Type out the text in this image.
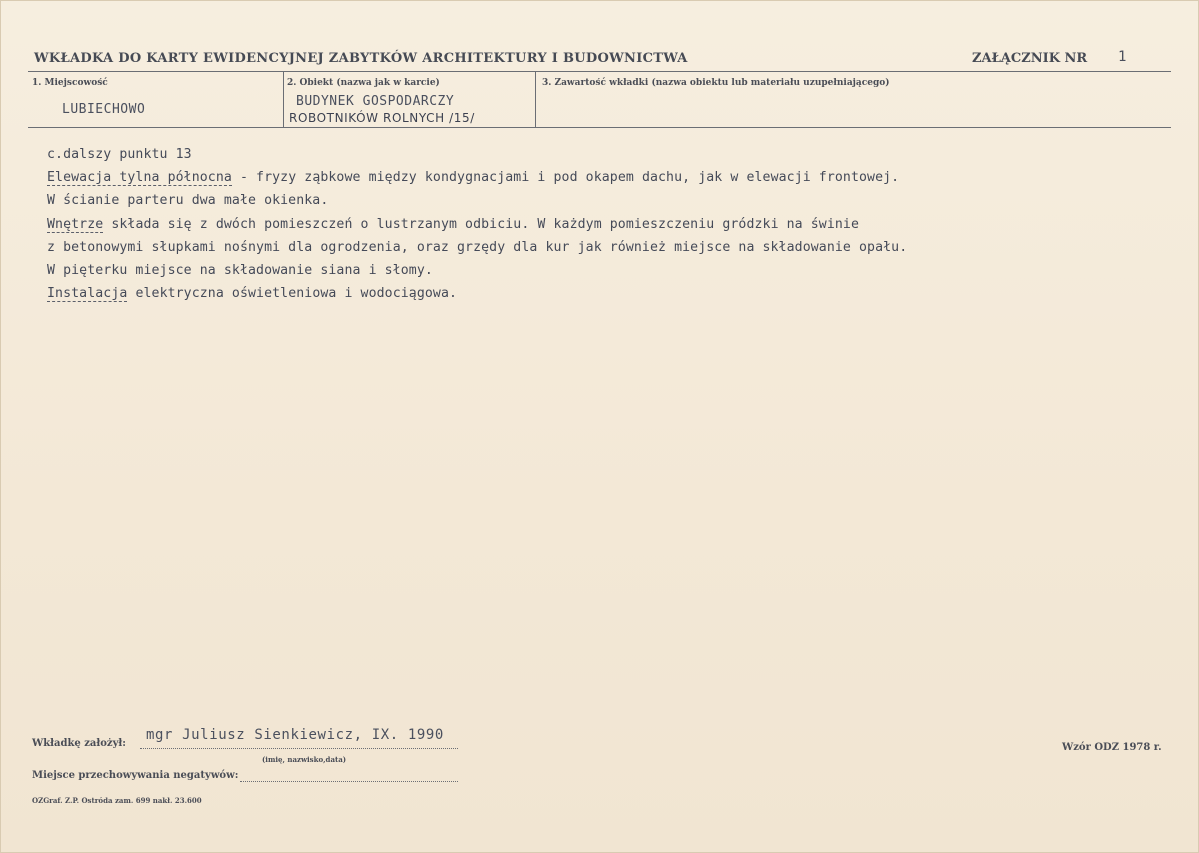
WKŁADKA DO KARTY EWIDENCYJNEJ ZABYTKÓW ARCHITEKTURY I BUDOWNICTWA	ZAŁĄCZNIK NR 1
1. Miejscowość
LUBIECHOWO
2. Obiekt (nazwa jak w karcie)
BUDYNEK GOSPODARCZY
ROBOTNIKÓW ROLNYCH /15/
3. Zawartość wkładki (nazwa obiektu lub materiału uzupełniającego)
c.dalszy punktu 13
Elewacja tylna północna - fryzy ząbkowe między kondygnacjami i pod okapem dachu, jak w elewacji frontowej.
W ścianie parteru dwa małe okienka.
Wnętrze składa się z dwóch pomieszczeń o lustrzanym odbiciu. W każdym pomieszczeniu gródzki na świnie
z betonowymi słupkami nośnymi dla ogrodzenia, oraz grzędy dla kur jak również miejsce na składowanie opału.
W pięterku miejsce na składowanie siana i słomy.
Instalacja elektryczna oświetleniowa i wodociągowa.
Wkładkę założył:
mgr Juliusz Sienkiewicz, IX. 1990
(imię, nazwisko,data)
Wzór ODZ 1978 r.
Miejsce przechowywania negatywów:
OZGraf. Z.P. Ostróda zam. 699 nakł. 23.600
